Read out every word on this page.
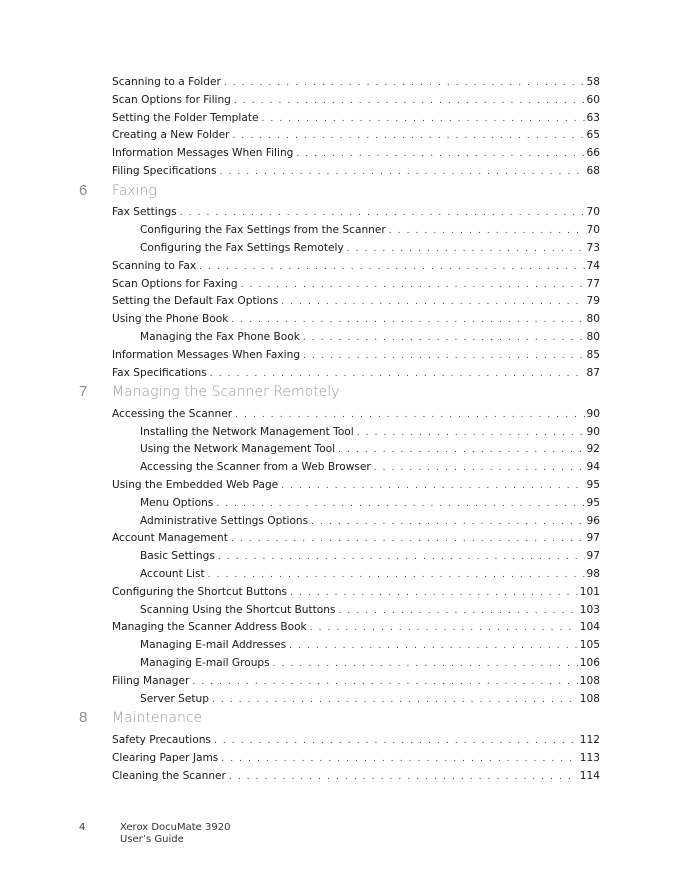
Scanning to a Folder . . .	58
Scan Options for Filing . . .	60
Setting the Folder Template . . .	63
Creating a New Folder . . .	65
Information Messages When Filing . . .	66
Filing Specifications . . .	68
6 Faxing
Fax Settings . . .	70
Configuring the Fax Settings from the Scanner . . .	70
Configuring the Fax Settings Remotely . . .	73
Scanning to Fax . . .	74
Scan Options for Faxing . . .	77
Setting the Default Fax Options . . .	79
Using the Phone Book . . .	80
Managing the Fax Phone Book . . .	80
Information Messages When Faxing . . .	85
Fax Specifications . . .	87
7 Managing the Scanner Remotely
Accessing the Scanner . . .	90
Installing the Network Management Tool . . .	90
Using the Network Management Tool . . .	92
Accessing the Scanner from a Web Browser . . .	94
Using the Embedded Web Page . . .	95
Menu Options . . .	95
Administrative Settings Options . . .	96
Account Management . . .	97
Basic Settings . . .	97
Account List . . .	98
Configuring the Shortcut Buttons . . .	101
Scanning Using the Shortcut Buttons . . .	103
Managing the Scanner Address Book . . .	104
Managing E-mail Addresses . . .	105
Managing E-mail Groups . . .	106
Filing Manager . . .	108
Server Setup . . .	108
8 Maintenance
Safety Precautions . . .	112
Clearing Paper Jams . . .	113
Cleaning the Scanner . . .	114
4	Xerox DocuMate 3920
User’s Guide
